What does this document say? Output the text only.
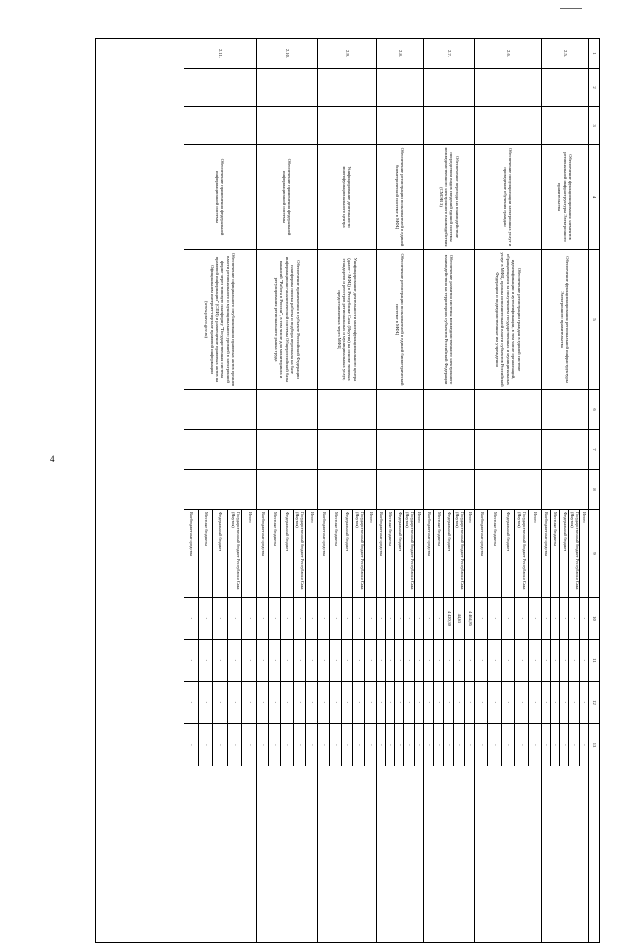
4
1
2
3
4
5
6
7
8
9
10
11
12
13
2.5.
Обеспечение функционирования элементов региональной инфраструктуры Электронного правительства
Обеспечение функционирования региональной инфраструктуры Электронного правительства
Итого
-
-
-
-
Государственный бюджет Республики Саха (Якутия)
-
-
-
-
Федеральный бюджет
-
-
-
-
Местные бюджеты
-
-
-
-
Внебюджетные средства
-
-
-
-
2.6.
Обеспечение популяризации электронных услуг и проведение обучения граждан
Обеспечение регистрации граждан в единой системе идентификации и аутентификации, в том числе организаций, обращающихся за получением государственных и муниципальных услуг в МФЦ, органы исполнительной власти субъектов Российской Федерации и подведомственные им учреждения
Итого
-
-
-
-
Государственный бюджет Республики Саха (Якутия)
-
-
-
-
Федеральный бюджет
-
-
-
-
Местные бюджеты
-
-
-
-
Внебюджетные средства
-
-
-
-
2.7.
Обеспечение перехода на взаимодействие посредством видов сведений единой системы межведомственного электронного взаимодействия (СМЭВ 3)
Обеспечение развития системы межведомственного электронного взаимодействия на территориях субъектов Российской Федерации
Итого
4 464,95
-
-
-
Государственный бюджет Республики Саха (Якутия)
44,65
-
-
-
Федеральный бюджет
4 420,30
-
-
-
Местные бюджеты
-
-
-
-
Внебюджетные средства
-
-
-
-
2.8.
Обеспечение регистрации пользователей в единой биометрической системе в МФЦ
Обеспечение регистрации пользователей в единой биометрической системе в МФЦ
Итого
-
-
-
-
Государственный бюджет Республики Саха (Якутия)
-
-
-
-
Федеральный бюджет
-
-
-
-
Местные бюджеты
-
-
-
-
Внебюджетные средства
-
-
-
-
2.9.
Унифицирование деятельности многофункционального центра
Унифицирование деятельности многофункционального центра (далее - МФЦ) в Республике Саха (Якутия) на основе типовых стандартов и реестров региональных и муниципальных услуг, предоставляемых через МФЦ
Итого
-
-
-
-
Государственный бюджет Республики Саха (Якутия)
-
-
-
-
Федеральный бюджет
-
-
-
-
Местные бюджеты
-
-
-
-
Внебюджетные средства
-
-
-
-
2.10.
Обеспечение применения федеральной информационной системы
Обеспечение применения в субъекте Российской Федерации платформы поиска работы и подбора персонала на базе информационно-аналитической системы Общероссийской базы вакансий "Работа в России", в том числе для мониторинга и регулирования регионального рынка труда
Итого
-
-
-
-
Государственный бюджет Республики Саха (Якутия)
-
-
-
-
Федеральный бюджет
-
-
-
-
Местные бюджеты
-
-
-
-
Внебюджетные средства
-
-
-
-
2.11.
Обеспечение применения федеральной информационной системы
Обеспечение официального опубликования правовых актов органов власти регионального и муниципального уровней в электронной форме через типовую платформу "Государственная система правовой информации" (СПИ) и размещение правовых актов на Официальном интернет-портале правовой информации (www.pravo.gov.ru)
Итого
-
-
-
-
Государственный бюджет Республики Саха (Якутия)
-
-
-
-
Федеральный бюджет
-
-
-
-
Местные бюджеты
-
-
-
-
Внебюджетные средства
-
-
-
-
